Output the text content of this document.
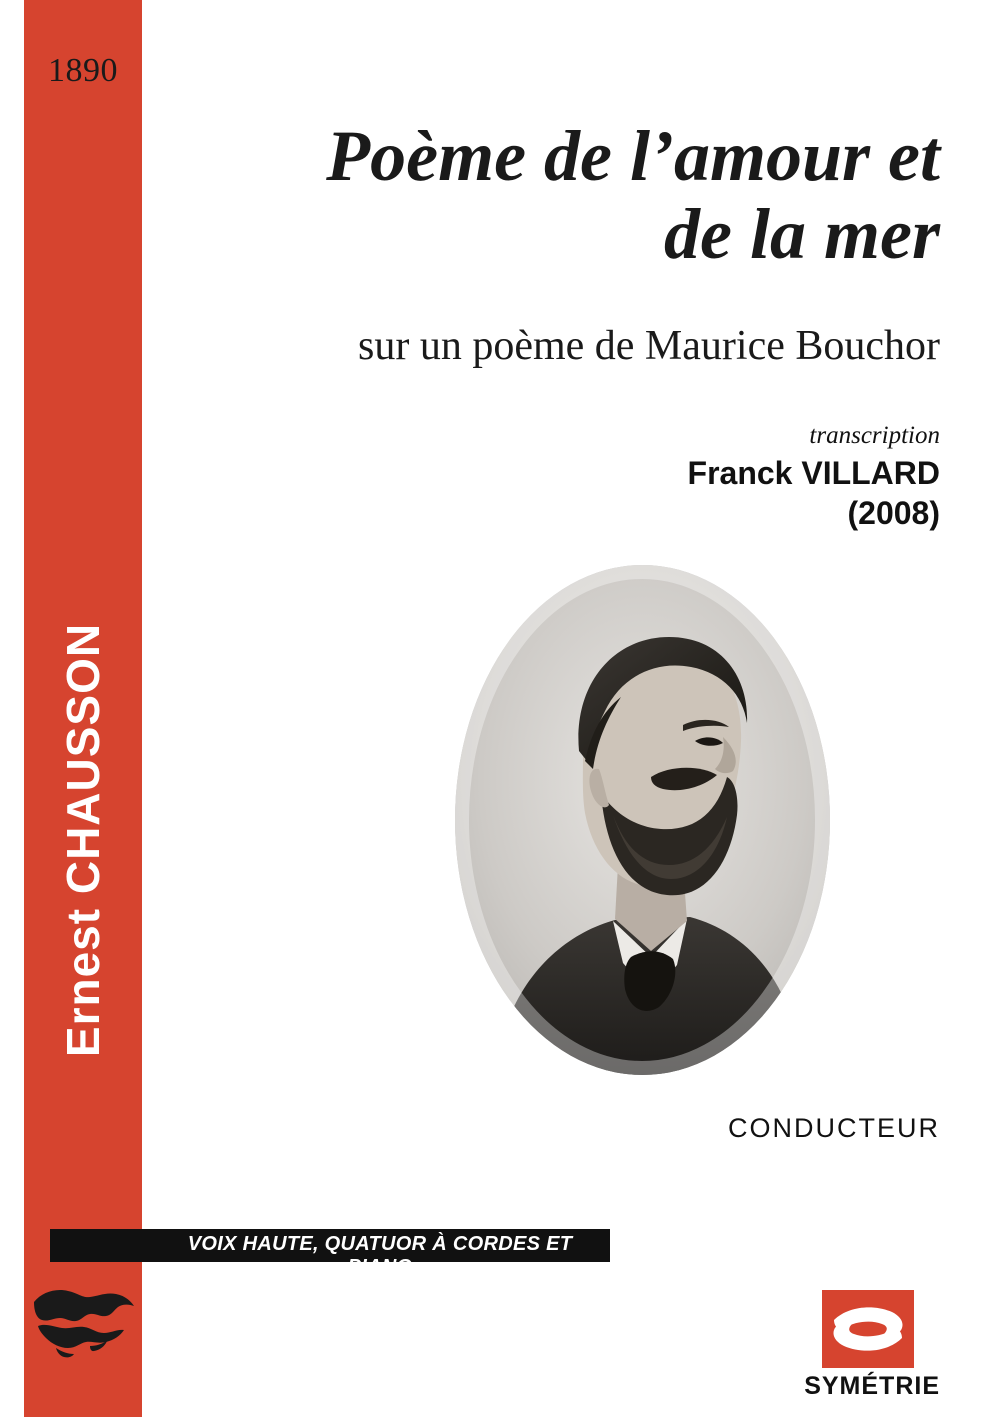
1890
Ernest CHAUSSON
Poème de l’amour et
de la mer
sur un poème de Maurice Bouchor
transcription
Franck VILLARD
(2008)
CONDUCTEUR
VOIX HAUTE, QUATUOR À CORDES ET PIANO
SYMÉTRIE
